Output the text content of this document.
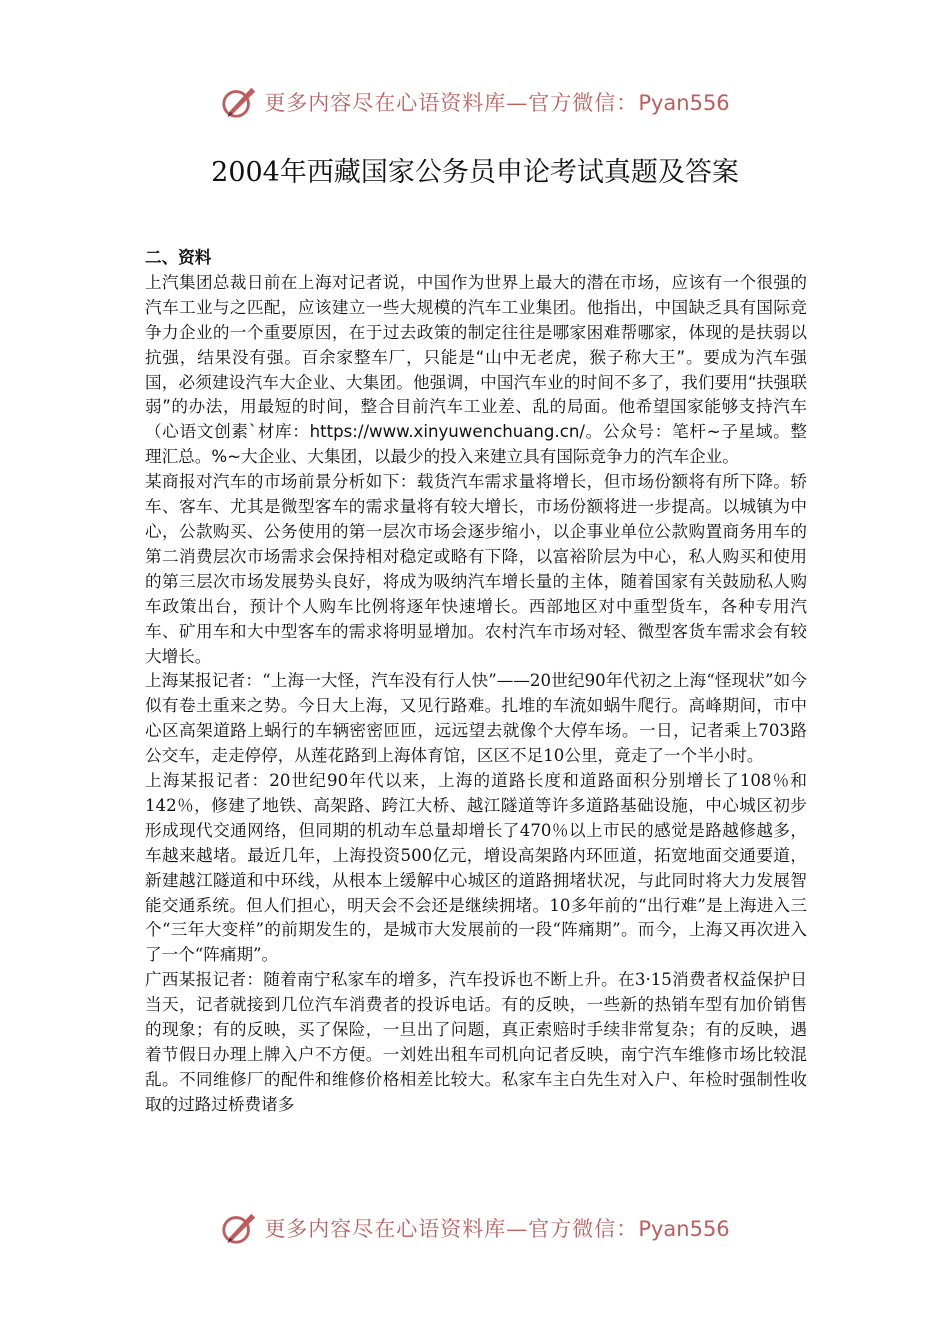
更多内容尽在心语资料库—官方微信：Pyan556
2004年西藏国家公务员申论考试真题及答案
二、资料

上汽集团总裁日前在上海对记者说，中国作为世界上最大的潜在市场，应该有一个很强的汽车工业与之匹配，应该建立一些大规模的汽车工业集团。他指出，中国缺乏具有国际竞争力企业的一个重要原因，在于过去政策的制定往往是哪家困难帮哪家，体现的是扶弱以抗强，结果没有强。百余家整车厂，只能是“山中无老虎，猴子称大王”。要成为汽车强国，必须建设汽车大企业、大集团。他强调，中国汽车业的时间不多了，我们要用“扶强联弱”的办法，用最短的时间，整合目前汽车工业差、乱的局面。他希望国家能够支持汽车（心语文创素`材库：https://www.xinyuwenchuang.cn/。公众号：笔杆~子星域。整理汇总。%~大企业、大集团，以最少的投入来建立具有国际竞争力的汽车企业。

某商报对汽车的市场前景分析如下：载货汽车需求量将增长，但市场份额将有所下降。轿车、客车、尤其是微型客车的需求量将有较大增长，市场份额将进一步提高。以城镇为中心，公款购买、公务使用的第一层次市场会逐步缩小，以企事业单位公款购置商务用车的第二消费层次市场需求会保持相对稳定或略有下降，以富裕阶层为中心，私人购买和使用的第三层次市场发展势头良好，将成为吸纳汽车增长量的主体，随着国家有关鼓励私人购车政策出台，预计个人购车比例将逐年快速增长。西部地区对中重型货车，各种专用汽车、矿用车和大中型客车的需求将明显增加。农村汽车市场对轻、微型客货车需求会有较大增长。

上海某报记者：“上海一大怪，汽车没有行人快”——20世纪90年代初之上海“怪现状”如今似有卷土重来之势。今日大上海，又见行路难。扎堆的车流如蜗牛爬行。高峰期间，市中心区高架道路上蜗行的车辆密密匝匝，远远望去就像个大停车场。一日，记者乘上703路公交车，走走停停，从莲花路到上海体育馆，区区不足10公里，竟走了一个半小时。

上海某报记者：20世纪90年代以来，上海的道路长度和道路面积分别增长了108％和142％，修建了地铁、高架路、跨江大桥、越江隧道等许多道路基础设施，中心城区初步形成现代交通网络，但同期的机动车总量却增长了470％以上市民的感觉是路越修越多，车越来越堵。最近几年，上海投资500亿元，增设高架路内环匝道，拓宽地面交通要道，新建越江隧道和中环线，从根本上缓解中心城区的道路拥堵状况，与此同时将大力发展智能交通系统。但人们担心，明天会不会还是继续拥堵。10多年前的“出行难”是上海进入三个“三年大变样”的前期发生的，是城市大发展前的一段“阵痛期”。而今，上海又再次进入了一个“阵痛期”。

广西某报记者：随着南宁私家车的增多，汽车投诉也不断上升。在3·15消费者权益保护日当天，记者就接到几位汽车消费者的投诉电话。有的反映，一些新的热销车型有加价销售的现象；有的反映，买了保险，一旦出了问题，真正索赔时手续非常复杂；有的反映，遇着节假日办理上牌入户不方便。一刘姓出租车司机向记者反映，南宁汽车维修市场比较混乱。不同维修厂的配件和维修价格相差比较大。私家车主白先生对入户、年检时强制性收取的过路过桥费诸多

更多内容尽在心语资料库—官方微信：Pyan556
